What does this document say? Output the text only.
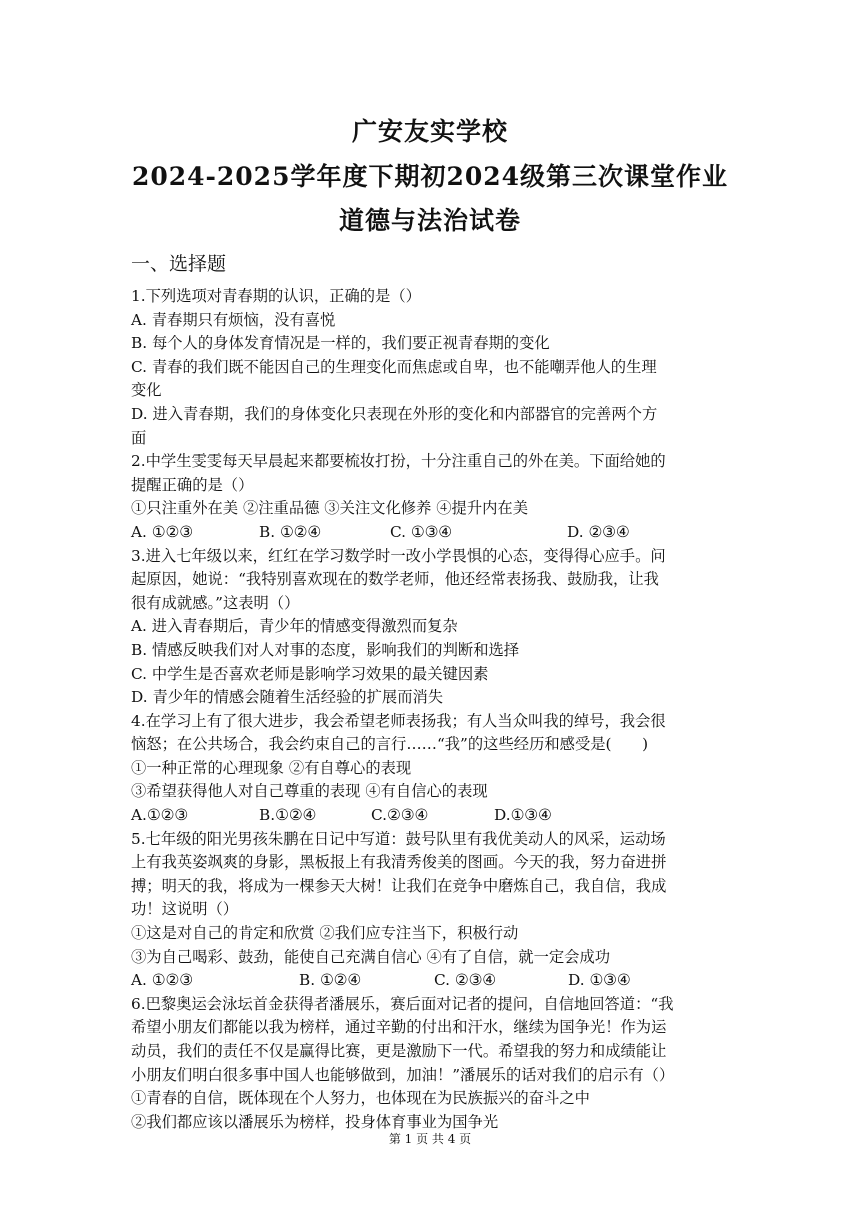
广安友实学校
2024-2025学年度下期初2024级第三次课堂作业
道德与法治试卷
一、选择题
1.下列选项对青春期的认识，正确的是（）
A. 青春期只有烦恼，没有喜悦
B. 每个人的身体发育情况是一样的，我们要正视青春期的变化
C. 青春的我们既不能因自己的生理变化而焦虑或自卑，也不能嘲弄他人的生理
变化
D. 进入青春期，我们的身体变化只表现在外形的变化和内部器官的完善两个方
面
2.中学生雯雯每天早晨起来都要梳妆打扮，十分注重自己的外在美。下面给她的
提醒正确的是（）
①只注重外在美 ②注重品德 ③关注文化修养 ④提升内在美
A. ①②③	B. ①②④	C. ①③④	D. ②③④
3.进入七年级以来，红红在学习数学时一改小学畏惧的心态，变得得心应手。问
起原因，她说：“我特别喜欢现在的数学老师，他还经常表扬我、鼓励我，让我
很有成就感。”这表明（）
A. 进入青春期后，青少年的情感变得激烈而复杂
B. 情感反映我们对人对事的态度，影响我们的判断和选择
C. 中学生是否喜欢老师是影响学习效果的最关键因素
D. 青少年的情感会随着生活经验的扩展而消失
4.在学习上有了很大进步，我会希望老师表扬我；有人当众叫我的绰号，我会很
恼怒；在公共场合，我会约束自己的言行……“我”的这些经历和感受是(　　)
①一种正常的心理现象 ②有自尊心的表现
③希望获得他人对自己尊重的表现 ④有自信心的表现
A.①②③	B.①②④	C.②③④	D.①③④
5.七年级的阳光男孩朱鹏在日记中写道：鼓号队里有我优美动人的风采，运动场
上有我英姿飒爽的身影，黑板报上有我清秀俊美的图画。今天的我，努力奋进拼
搏；明天的我，将成为一棵参天大树！让我们在竞争中磨炼自己，我自信，我成
功！这说明（）
①这是对自己的肯定和欣赏 ②我们应专注当下，积极行动
③为自己喝彩、鼓劲，能使自己充满自信心 ④有了自信，就一定会成功
A. ①②③	B. ①②④	C. ②③④	D. ①③④
6.巴黎奥运会泳坛首金获得者潘展乐，赛后面对记者的提问，自信地回答道：“我
希望小朋友们都能以我为榜样，通过辛勤的付出和汗水，继续为国争光！作为运
动员，我们的责任不仅是赢得比赛，更是激励下一代。希望我的努力和成绩能让
小朋友们明白很多事中国人也能够做到，加油！”潘展乐的话对我们的启示有（）
①青春的自信，既体现在个人努力，也体现在为民族振兴的奋斗之中
②我们都应该以潘展乐为榜样，投身体育事业为国争光
第 1 页 共 4 页
